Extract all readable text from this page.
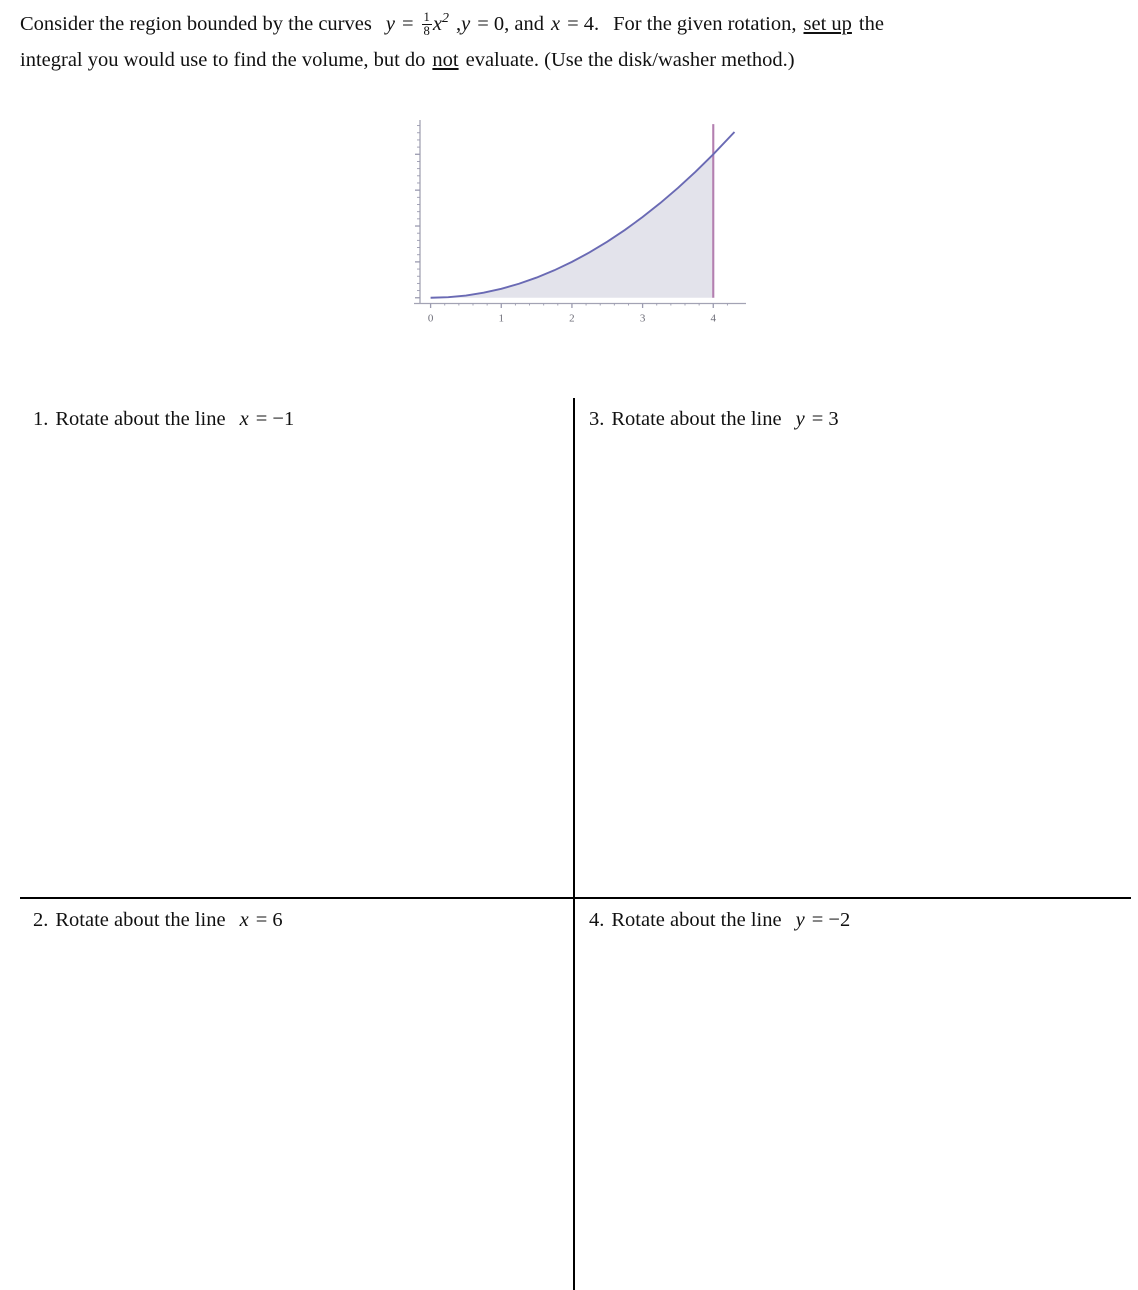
Consider the region bounded by the curves $y = \frac{1}{8} x^2$ ,y = 0, and x = 4. For the given rotation, set up the
integral you would use to find the volume, but do not evaluate. (Use the disk/washer method.)
0	1	2	3	4
1. Rotate about the line x = −1	3. Rotate about the line y = 3
2. Rotate about the line x = 6	4. Rotate about the line y = −2
